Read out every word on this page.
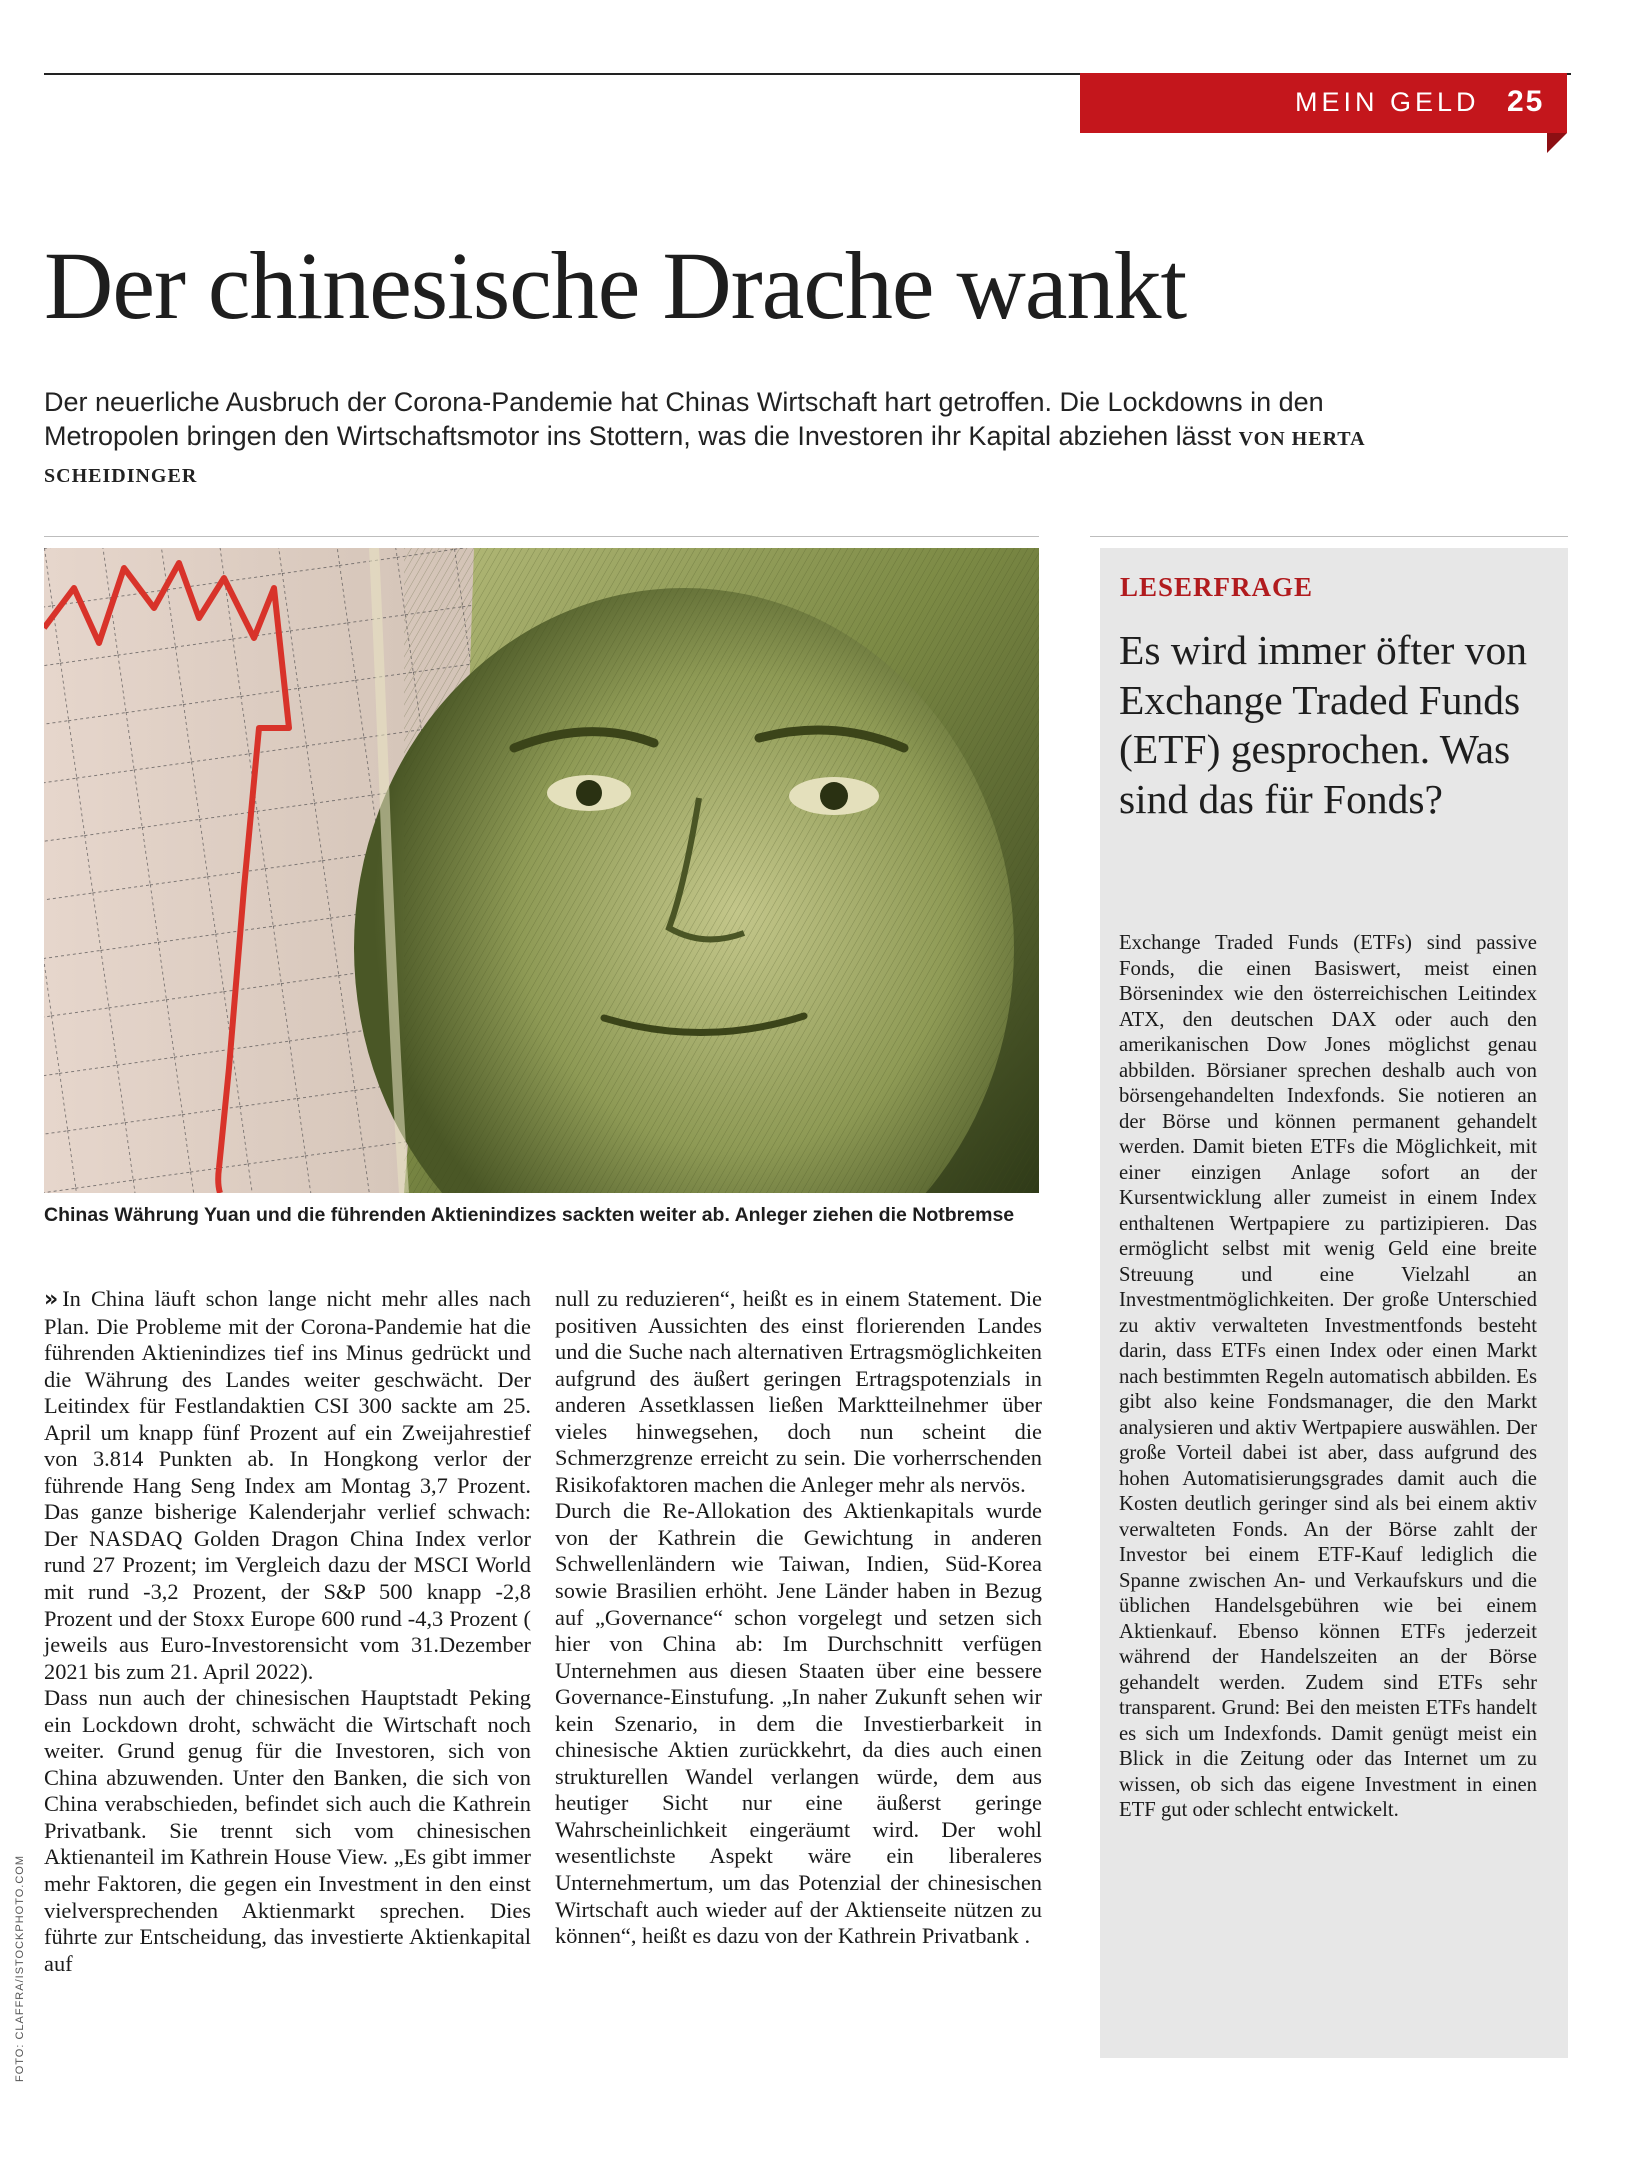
MEIN GELD 25
Der chinesische Drache wankt
Der neuerliche Ausbruch der Corona-Pandemie hat Chinas Wirtschaft hart getroffen. Die Lockdowns in den Metropolen bringen den Wirtschaftsmotor ins Stottern, was die Investoren ihr Kapital abziehen lässt VON HERTA SCHEIDINGER
Chinas Währung Yuan und die führenden Aktienindizes sackten weiter ab. Anleger ziehen die Notbremse

» In China läuft schon lange nicht mehr alles nach Plan. Die Probleme mit der Corona-Pandemie hat die führenden Aktienindizes tief ins Minus gedrückt und die Währung des Landes weiter geschwächt. Der Leitindex für Festlandaktien CSI 300 sackte am 25. April um knapp fünf Prozent auf ein Zweijahrestief von 3.814 Punkten ab. In Hongkong verlor der führende Hang Seng Index am Montag 3,7 Prozent. Das ganze bisherige Kalenderjahr verlief schwach: Der NASDAQ Golden Dragon China Index verlor rund 27 Prozent; im Vergleich dazu der MSCI World mit rund -3,2 Prozent, der S&P 500 knapp -2,8 Prozent und der Stoxx Europe 600 rund -4,3 Prozent ( jeweils aus Euro-Investorensicht vom 31.Dezember 2021 bis zum 21. April 2022).

Dass nun auch der chinesischen Hauptstadt Peking ein Lockdown droht, schwächt die Wirtschaft noch weiter. Grund genug für die Investoren, sich von China abzuwenden. Unter den Banken, die sich von China verabschieden, befindet sich auch die Kathrein Privatbank. Sie trennt sich vom chinesischen Aktienanteil im Kathrein House View. „Es gibt immer mehr Faktoren, die gegen ein Investment in den einst vielversprechenden Aktienmarkt sprechen. Dies führte zur Entscheidung, das investierte Aktienkapital auf

null zu reduzieren“, heißt es in einem Statement. Die positiven Aussichten des einst florierenden Landes und die Suche nach alternativen Ertragsmöglichkeiten aufgrund des äußert geringen Ertragspotenzials in anderen Assetklassen ließen Marktteilnehmer über vieles hinwegsehen, doch nun scheint die Schmerzgrenze erreicht zu sein. Die vorherrschenden Risikofaktoren machen die Anleger mehr als nervös.

Durch die Re-Allokation des Aktienkapitals wurde von der Kathrein die Gewichtung in anderen Schwellenländern wie Taiwan, Indien, Süd-Korea sowie Brasilien erhöht. Jene Länder haben in Bezug auf „Governance“ schon vorgelegt und setzen sich hier von China ab: Im Durchschnitt verfügen Unternehmen aus diesen Staaten über eine bessere Governance-Einstufung. „In naher Zukunft sehen wir kein Szenario, in dem die Investierbarkeit in chinesische Aktien zurückkehrt, da dies auch einen strukturellen Wandel verlangen würde, dem aus heutiger Sicht nur eine äußerst geringe Wahrscheinlichkeit eingeräumt wird. Der wohl wesentlichste Aspekt wäre ein liberaleres Unternehmertum, um das Potenzial der chinesischen Wirtschaft auch wieder auf der Aktienseite nützen zu können“, heißt es dazu von der Kathrein Privatbank .

FOTO: CLAFFRA/ISTOCKPHOTO.COM
LESERFRAGE
Es wird immer öfter von Exchange Traded Funds (ETF) gesprochen. Was sind das für Fonds?

Exchange Traded Funds (ETFs) sind passive Fonds, die einen Basiswert, meist einen Börsenindex wie den österreichischen Leitindex ATX, den deutschen DAX oder auch den amerikanischen Dow Jones möglichst genau abbilden. Börsianer sprechen deshalb auch von börsengehandelten Indexfonds. Sie notieren an der Börse und können permanent gehandelt werden. Damit bieten ETFs die Möglichkeit, mit einer einzigen Anlage sofort an der Kursentwicklung aller zumeist in einem Index enthaltenen Wertpapiere zu partizipieren. Das ermöglicht selbst mit wenig Geld eine breite Streuung und eine Vielzahl an Investmentmöglichkeiten. Der große Unterschied zu aktiv verwalteten Investmentfonds besteht darin, dass ETFs einen Index oder einen Markt nach bestimmten Regeln automatisch abbilden. Es gibt also keine Fondsmanager, die den Markt analysieren und aktiv Wertpapiere auswählen. Der große Vorteil dabei ist aber, dass aufgrund des hohen Automatisierungsgrades damit auch die Kosten deutlich geringer sind als bei einem aktiv verwalteten Fonds. An der Börse zahlt der Investor bei einem ETF-Kauf lediglich die Spanne zwischen An- und Verkaufskurs und die üblichen Handelsgebühren wie bei einem Aktienkauf. Ebenso können ETFs jederzeit während der Handelszeiten an der Börse gehandelt werden. Zudem sind ETFs sehr transparent. Grund: Bei den meisten ETFs handelt es sich um Indexfonds. Damit genügt meist ein Blick in die Zeitung oder das Internet um zu wissen, ob sich das eigene Investment in einen ETF gut oder schlecht entwickelt.
